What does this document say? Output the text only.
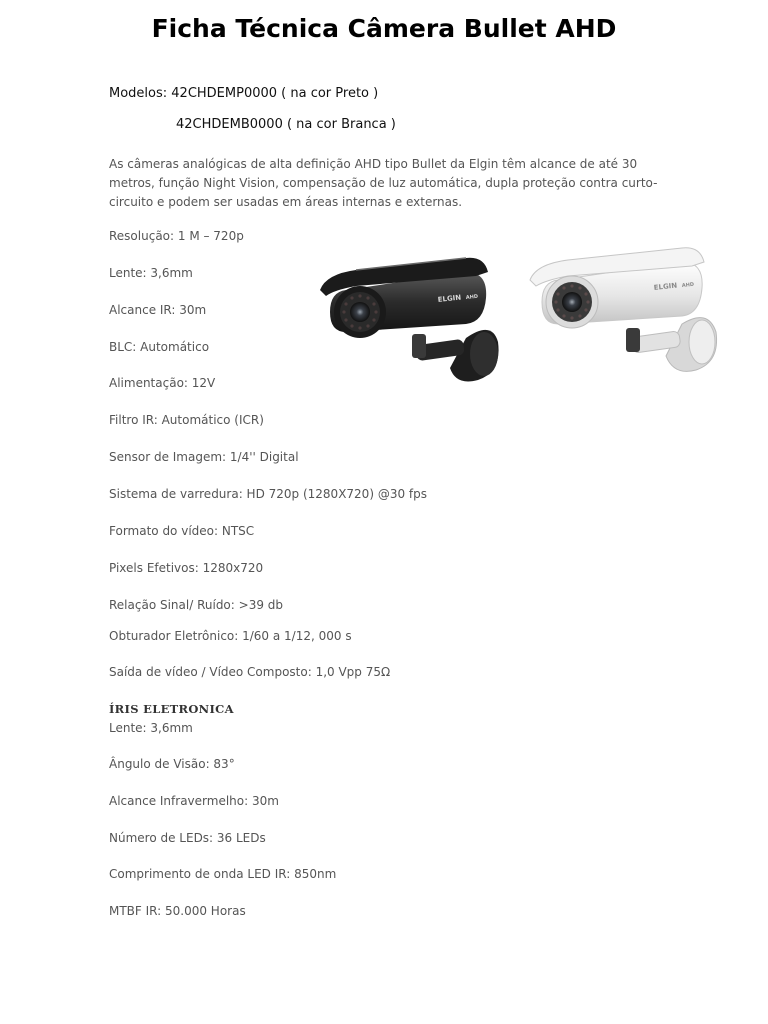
Ficha Técnica Câmera Bullet AHD
Modelos: 42CHDEMP0000 ( na cor Preto )
42CHDEMB0000 ( na cor Branca )

As câmeras analógicas de alta definição AHD tipo Bullet da Elgin têm alcance de até 30 metros, função Night Vision, compensação de luz automática, dupla proteção contra curto-circuito e podem ser usadas em áreas internas e externas.

Resolução: 1 M – 720p

Lente: 3,6mm

Alcance IR: 30m

BLC: Automático

Alimentação: 12V

Filtro IR: Automático (ICR)

Sensor de Imagem: 1/4'' Digital

Sistema de varredura: HD 720p (1280X720) @30 fps

Formato do vídeo: NTSC

Pixels Efetivos: 1280x720

Relação Sinal/ Ruído: >39 db

Obturador Eletrônico: 1/60 a 1/12, 000 s

Saída de vídeo / Vídeo Composto: 1,0 Vpp 75Ω

ÍRIS ELETRONICA

Lente: 3,6mm

Ângulo de Visão: 83°

Alcance Infravermelho: 30m

Número de LEDs: 36 LEDs

Comprimento de onda LED IR: 850nm

MTBF IR: 50.000 Horas

ELGIN AHD
ELGIN AHD
